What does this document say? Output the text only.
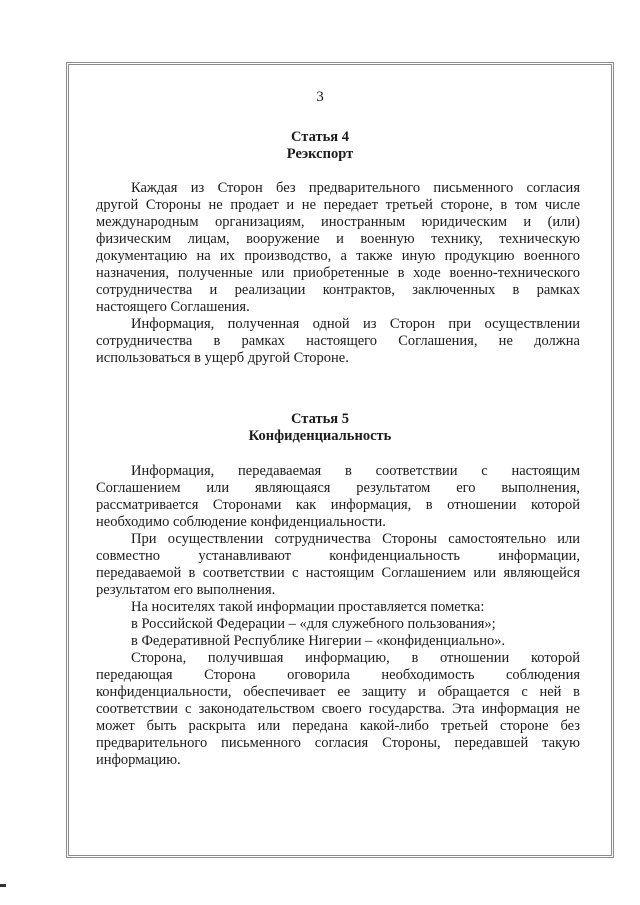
3
Статья 4
Реэкспорт
Каждая из Сторон без предварительного письменного согласия
другой Стороны не продает и не передает третьей стороне, в том числе
международным организациям, иностранным юридическим и (или)
физическим лицам, вооружение и военную технику, техническую
документацию на их производство, а также иную продукцию военного
назначения, полученные или приобретенные в ходе военно-технического
сотрудничества и реализации контрактов, заключенных в рамках
настоящего Соглашения.
Информация, полученная одной из Сторон при осуществлении
сотрудничества в рамках настоящего Соглашения, не должна
использоваться в ущерб другой Стороне.
Статья 5
Конфиденциальность
Информация, передаваемая в соответствии с настоящим
Соглашением или являющаяся результатом его выполнения,
рассматривается Сторонами как информация, в отношении которой
необходимо соблюдение конфиденциальности.
При осуществлении сотрудничества Стороны самостоятельно или
совместно устанавливают конфиденциальность информации,
передаваемой в соответствии с настоящим Соглашением или являющейся
результатом его выполнения.
На носителях такой информации проставляется пометка:
в Российской Федерации – «для служебного пользования»;
в Федеративной Республике Нигерии – «конфиденциально».
Сторона, получившая информацию, в отношении которой
передающая Сторона оговорила необходимость соблюдения
конфиденциальности, обеспечивает ее защиту и обращается с ней в
соответствии с законодательством своего государства. Эта информация не
может быть раскрыта или передана какой-либо третьей стороне без
предварительного письменного согласия Стороны, передавшей такую
информацию.
